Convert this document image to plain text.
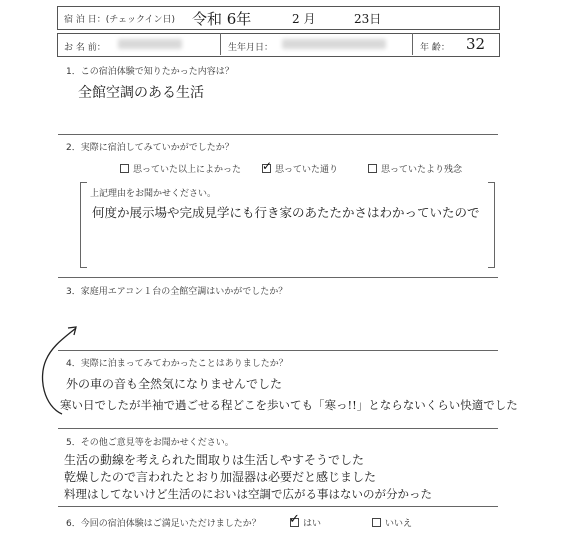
宿 泊 日：(チェックイン日) 令和 6年	2 月	23日
お 名 前：	生年月日：	年 齢： 32
1．この宿泊体験で知りたかった内容は？
全館空調のある生活
2．実際に宿泊してみていかがでしたか？
思っていた以上によかった ✓ 思っていた通り	思っていたより残念
上記理由をお聞かせください。
何度か展示場や完成見学にも行き家のあたたかさはわかっていたので
3．家庭用エアコン１台の全館空調はいかがでしたか？
4．実際に泊まってみてわかったことはありましたか？
外の車の音も全然気になりませんでした
寒い日でしたが半袖で過ごせる程どこを歩いても「寒っ!!」とならないくらい快適でした
5．その他ご意見等をお聞かせください。
生活の動線を考えられた間取りは生活しやすそうでした
乾燥したので言われたとおり加湿器は必要だと感じました
料理はしてないけど生活のにおいは空調で広がる事はないのが分かった
6．今回の宿泊体験はご満足いただけましたか？ ✓ はい	いいえ
